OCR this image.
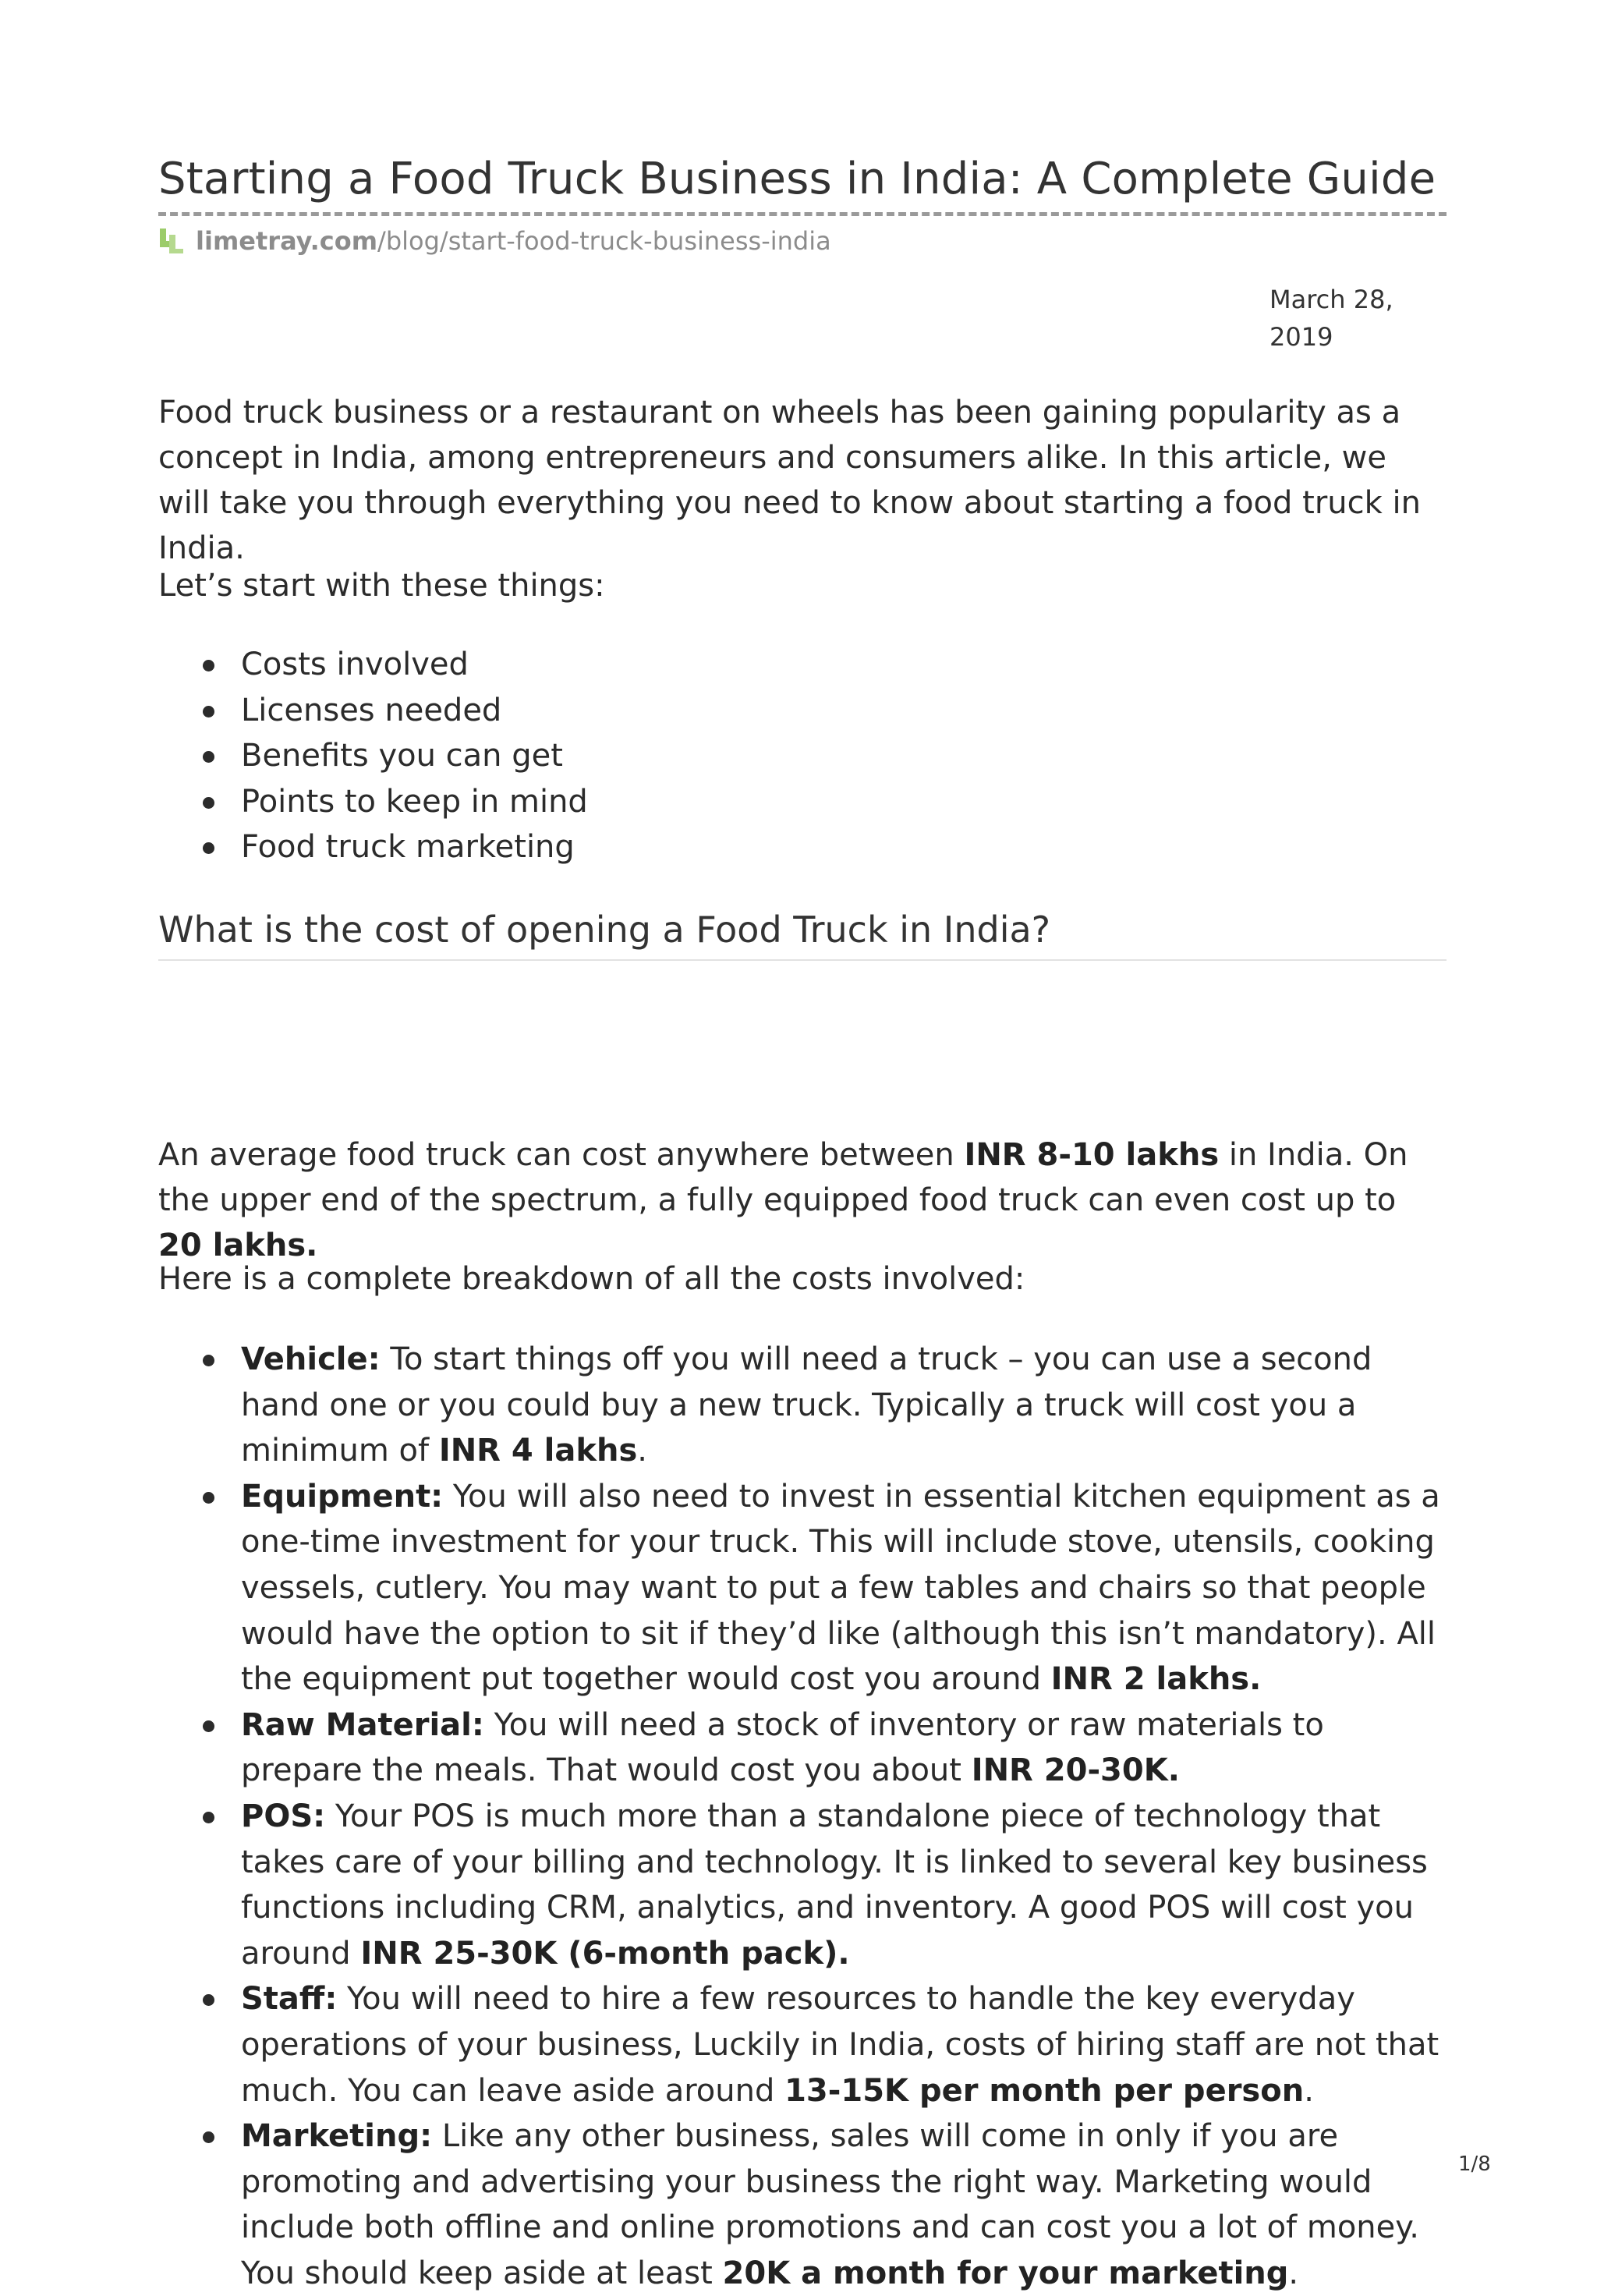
Starting a Food Truck Business in India: A Complete Guide
limetray.com /blog/start-food-truck-business-india
March 28,
2019

Food truck business or a restaurant on wheels has been gaining popularity as a concept in India, among entrepreneurs and consumers alike. In this article, we will take you through everything you need to know about starting a food truck in India.

Let’s start with these things:

Costs involved
Licenses needed
Benefits you can get
Points to keep in mind
Food truck marketing
What is the cost of opening a Food Truck in India?

An average food truck can cost anywhere between INR 8-10 lakhs in India. On the upper end of the spectrum, a fully equipped food truck can even cost up to 20 lakhs.

Here is a complete breakdown of all the costs involved:

Vehicle: To start things off you will need a truck – you can use a second hand one or you could buy a new truck. Typically a truck will cost you a minimum of INR 4 lakhs.
Equipment: You will also need to invest in essential kitchen equipment as a one-time investment for your truck. This will include stove, utensils, cooking vessels, cutlery. You may want to put a few tables and chairs so that people would have the option to sit if they’d like (although this isn’t mandatory). All the equipment put together would cost you around INR 2 lakhs.
Raw Material: You will need a stock of inventory or raw materials to prepare the meals. That would cost you about INR 20-30K.
POS: Your POS is much more than a standalone piece of technology that takes care of your billing and technology. It is linked to several key business functions including CRM, analytics, and inventory. A good POS will cost you around INR 25-30K (6-month pack).
Staff: You will need to hire a few resources to handle the key everyday operations of your business, Luckily in India, costs of hiring staff are not that much. You can leave aside around 13-15K per month per person.
Marketing: Like any other business, sales will come in only if you are promoting and advertising your business the right way. Marketing would include both offline and online promotions and can cost you a lot of money. You should keep aside at least 20K a month for your marketing.
1/8
